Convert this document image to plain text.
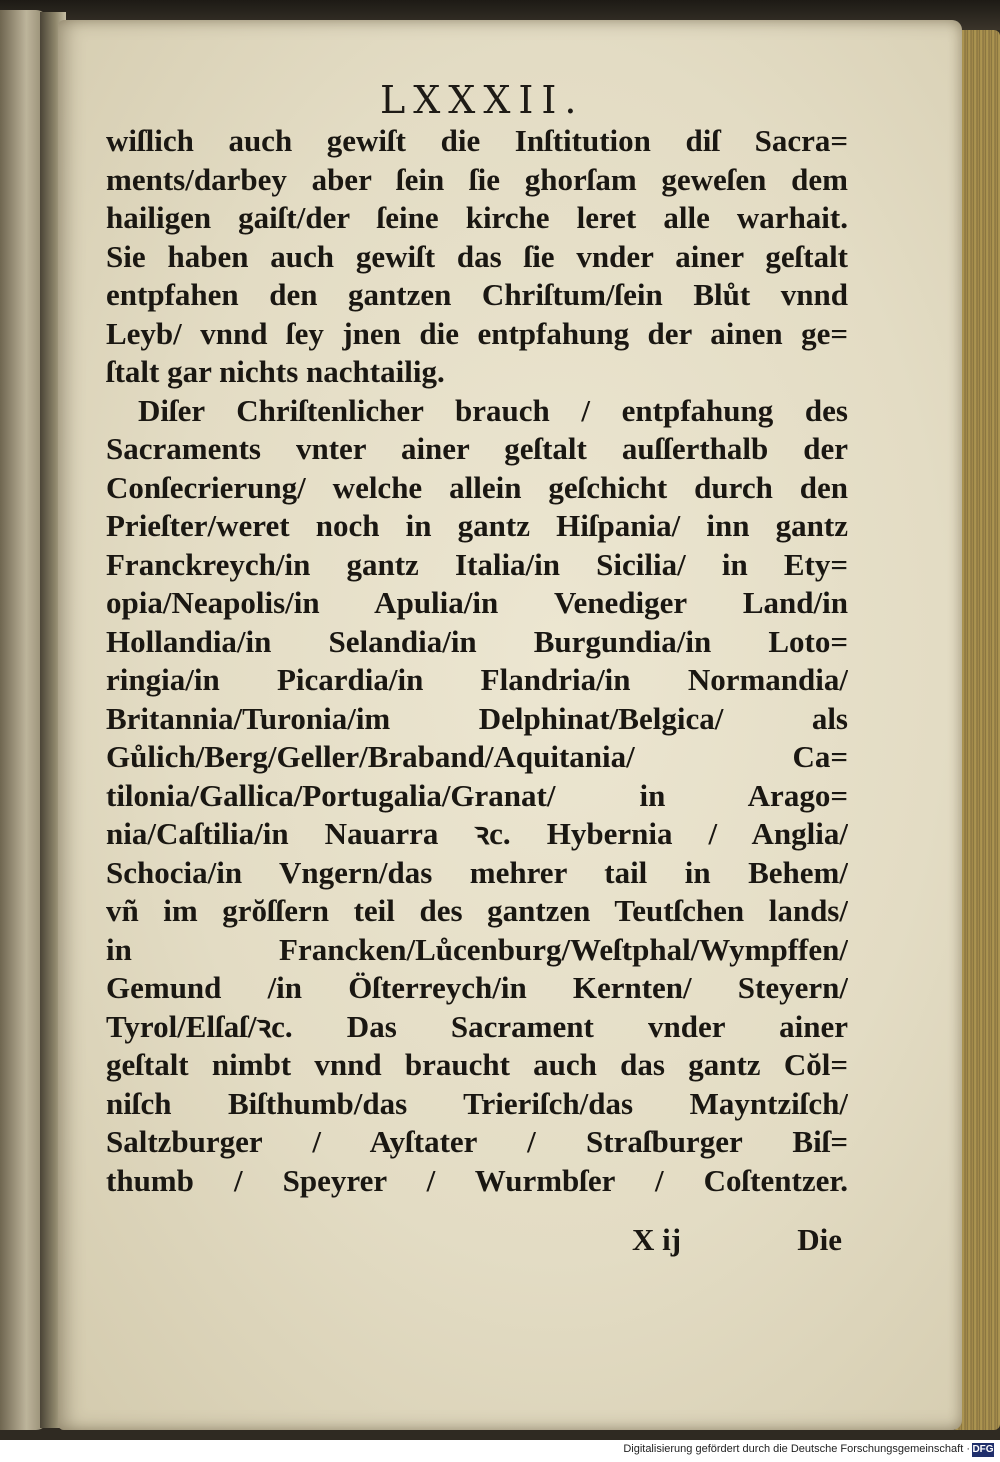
LXXXII.
wiſlich auch gewiſt die Inſtitution diſ Sacra=
ments/darbey aber ſein ſie ghorſam geweſen dem
hailigen gaiſt/der ſeine kirche leret alle warhait.
Sie haben auch gewiſt das ſie vnder ainer geſtalt
entpfahen den gantzen Chriſtum/ſein Blůt vnnd
Leyb/ vnnd ſey jnen die entpfahung der ainen ge=
ſtalt gar nichts nachtailig.
Diſer Chriſtenlicher brauch / entpfahung des
Sacraments vnter ainer geſtalt auſſerthalb der
Conſecrierung/ welche allein geſchicht durch den
Prieſter/weret noch in gantz Hiſpania/ inn gantz
Franckreych/in gantz Italia/in Sicilia/ in Ety=
opia/Neapolis/in Apulia/in Venediger Land/in
Hollandia/in Selandia/in Burgundia/in Loto=
ringia/in Picardia/in Flandria/in Normandia/
Britannia/Turonia/im Delphinat/Belgica/ als
Gůlich/Berg/Geller/Braband/Aquitania/ Ca=
tilonia/Gallica/Portugalia/Granat/ in Arago=
nia/Caſtilia/in Nauarra ꝛc. Hybernia / Anglia/
Schocia/in Vngern/das mehrer tail in Behem/
vñ im grŏſſern teil des gantzen Teutſchen lands/
in Francken/Lůcenburg/Weſtphal/Wympffen/
Gemund /in Öſterreych/in Kernten/ Steyern/
Tyrol/Elſaſ/ꝛc. Das Sacrament vnder ainer
geſtalt nimbt vnnd braucht auch das gantz Cŏl=
niſch Biſthumb/das Trieriſch/das Mayntziſch/
Saltzburger / Ayſtater / Straſburger Biſ=
thumb / Speyrer / Wurmbſer / Coſtentzer.
X ij	Die
Digitalisierung gefördert durch die Deutsche Forschungsgemeinschaft · DFG
